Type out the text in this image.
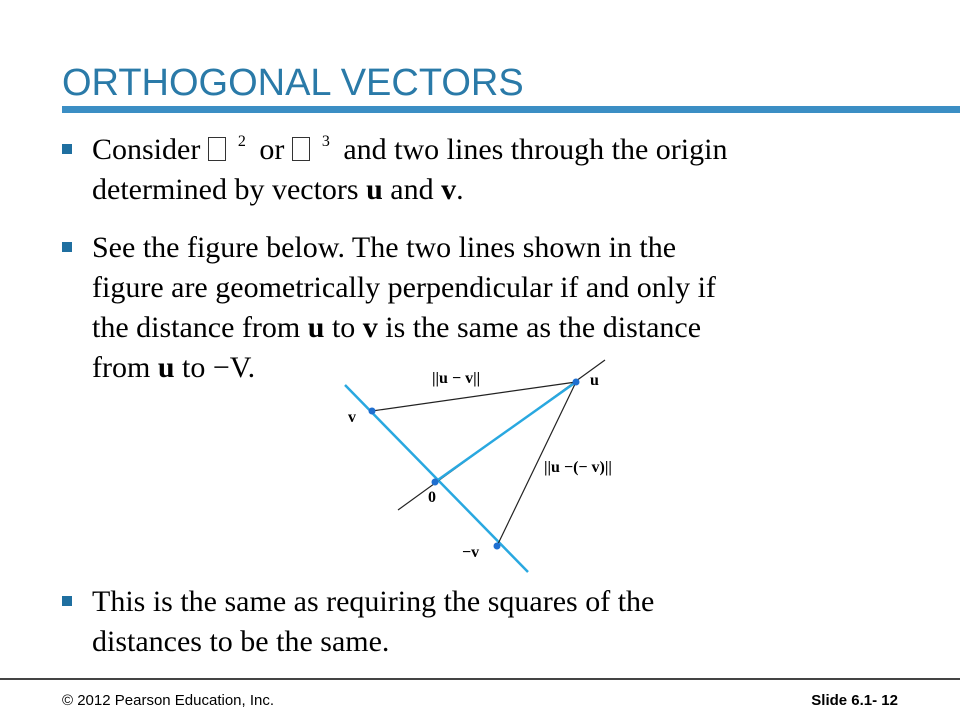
ORTHOGONAL VECTORS
Consider 2 or 3 and two lines through the origin
determined by vectors u and v.
See the figure below. The two lines shown in the
figure are geometrically perpendicular if and only if
the distance from u to v is the same as the distance
from u to −V.	u
v
0
−v
||u − v||
||u −(− v)||
This is the same as requiring the squares of the
distances to be the same.
© 2012 Pearson Education, Inc.	Slide 6.1- 12
